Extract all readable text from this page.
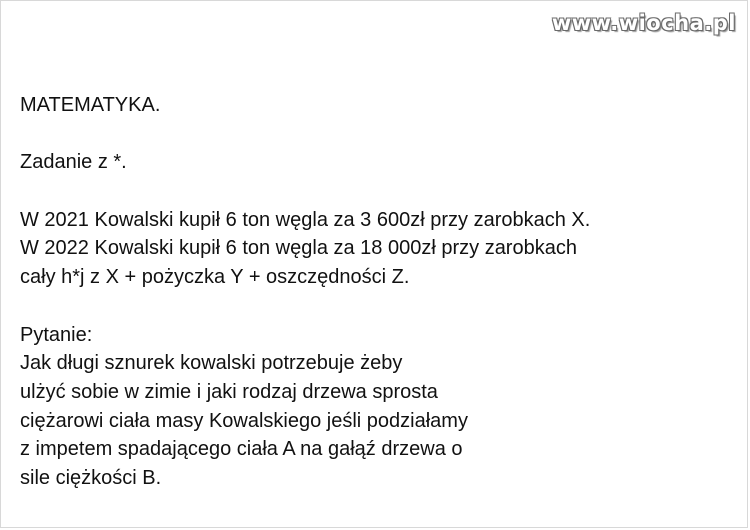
www.wiocha.pl
MATEMATYKA.
Zadanie z *.
W 2021 Kowalski kupił 6 ton węgla za 3 600zł przy zarobkach X.
W 2022 Kowalski kupił 6 ton węgla za 18 000zł przy zarobkach
cały h*j z X + pożyczka Y + oszczędności Z.
Pytanie:
Jak długi sznurek kowalski potrzebuje żeby
ulżyć sobie w zimie i jaki rodzaj drzewa sprosta
ciężarowi ciała masy Kowalskiego jeśli podziałamy
z impetem spadającego ciała A na gałąź drzewa o
sile ciężkości B.
